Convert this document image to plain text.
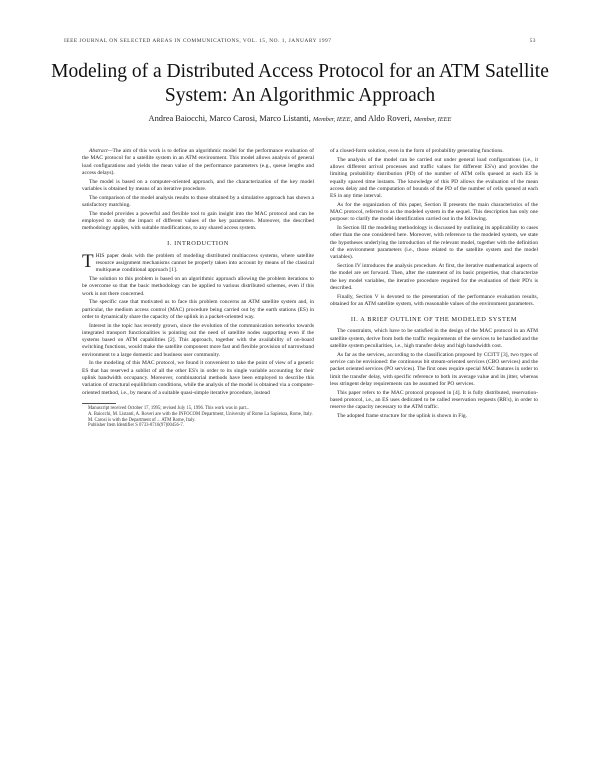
IEEE JOURNAL ON SELECTED AREAS IN COMMUNICATIONS, VOL. 15, NO. 1, JANUARY 1997	53
Modeling of a Distributed Access Protocol for an ATM Satellite System: An Algorithmic Approach
Andrea Baiocchi, Marco Carosi, Marco Listanti, Member, IEEE, and Aldo Roveri, Member, IEEE

Abstract—The aim of this work is to define an algorithmic model for the performance evaluation of the MAC protocol for a satellite system in an ATM environment. This model allows analysis of general load configurations and yields the mean value of the performance parameters (e.g., queue lengths and access delays).

The model is based on a computer-oriented approach, and the characterization of the key model variables is obtained by means of an iterative procedure.

The comparison of the model analysis results to those obtained by a simulative approach has shown a satisfactory matching.

The model provides a powerful and flexible tool to gain insight into the MAC protocol and can be employed to study the impact of different values of the key parameters. Moreover, the described methodology applies, with suitable modifications, to any shared access system.

I. INTRODUCTION

THIS paper deals with the problem of modeling distributed multiaccess systems, where satellite resource assignment mechanisms cannot be properly taken into account by means of the classical multiqueue conditional approach [1].

The solution to this problem is based on an algorithmic approach allowing the problem iterations to be overcome so that the basic methodology can be applied to various distributed schemes, even if this work is not there concerned.

The specific case that motivated us to face this problem concerns an ATM satellite system and, in particular, the medium access control (MAC) procedure being carried out by the earth stations (ES) in order to dynamically share the capacity of the uplink in a packet-oriented way.

Interest in the topic has recently grown, since the evolution of the communication networks towards integrated transport functionalities is pointing out the need of satellite nodes supporting even if the systems based on ATM capabilities [2]. This approach, together with the availability of on-board switching functions, would make the satellite component more fast and flexible provision of narrowband environment to a large domestic and business user community.

In the modeling of this MAC protocol, we found it convenient to take the point of view of a generic ES that has reserved a sublist of all the other ES's in order to its single variable accounting for their uplink bandwidth occupancy. Moreover, combinatorial methods have been employed to describe this variation of structural equilibrium conditions, while the analysis of the model is obtained via a computer-oriented method, i.e., by means of a suitable quasi-simple iterative procedure, instead

Manuscript received October 17, 1995; revised July 15, 1996. This work was in part...

A. Baiocchi, M. Listanti, A. Roveri are with the INFOCOM Department, University of Rome La Sapienza, Rome, Italy.

M. Carosi is with the Department of ... ATM Rome, Italy.

Publisher Item Identifier S 0733-8716(97)00456-7.

of a closed-form solution, even in the form of probability generating functions.

The analysis of the model can be carried out under general load configurations (i.e., it allows different arrival processes and traffic values for different ES's) and provides the limiting probability distribution (PD) of the number of ATM cells queued at each ES is equally spaced time instants. The knowledge of this PD allows the evaluation of the mean access delay and the computation of bounds of the PD of the number of cells queued at each ES in any time interval.

As for the organization of this paper, Section II presents the main characteristics of the MAC protocol, referred to as the modeled system in the sequel. This description has only one purpose: to clarify the model identification carried out in the following.

In Section III the modeling methodology is discussed by outlining its applicability to cases other than the one considered here. Moreover, with reference to the modeled system, we state the hypotheses underlying the introduction of the relevant model, together with the definition of the environment parameters (i.e., those related to the satellite system and the model variables).

Section IV introduces the analysis procedure. At first, the iterative mathematical aspects of the model are set forward. Then, after the statement of its basic properties, that characterize the key model variables, the iterative procedure required for the evaluation of their PD's is described.

Finally, Section V is devoted to the presentation of the performance evaluation results, obtained for an ATM satellite system, with reasonable values of the environment parameters.

II. A BRIEF OUTLINE OF THE MODELED SYSTEM

The constraints, which have to be satisfied in the design of the MAC protocol in an ATM satellite system, derive from both the traffic requirements of the services to be handled and the satellite system peculiarities, i.e., high transfer delay and high bandwidth cost.

As far as the services, according to the classification proposed by CCITT [3], two types of service can be envisioned: the continuous bit stream-oriented services (CBO services) and the packet oriented services (PO services). The first ones require special MAC features in order to limit the transfer delay, with specific reference to both its average value and its jitter, whereas less stringent delay requirements can be assumed for PO services.

This paper refers to the MAC protocol proposed in [4]. It is fully distributed, reservation-based protocol, i.e., an ES uses dedicated to be called reservation requests (RR's), in order to reserve the capacity necessary to the ATM traffic.

The adopted frame structure for the uplink is shown in Fig.
